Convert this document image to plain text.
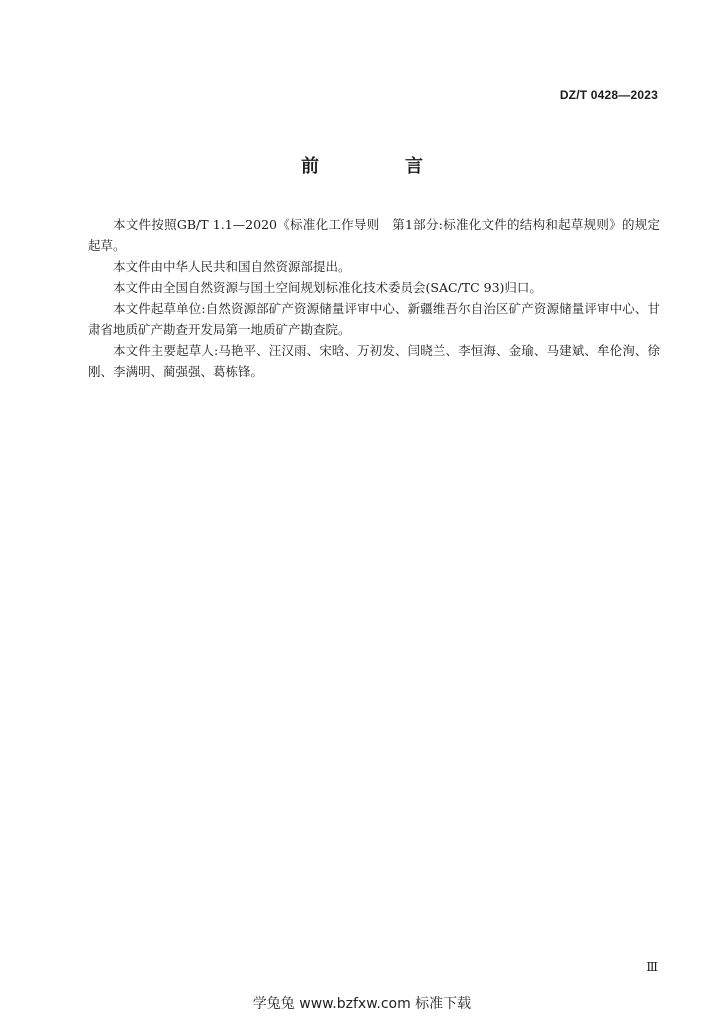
DZ/T 0428—2023
前　言

本文件按照GB/T 1.1—2020《标准化工作导则　第1部分:标准化文件的结构和起草规则》的规定起草。

本文件由中华人民共和国自然资源部提出。

本文件由全国自然资源与国土空间规划标准化技术委员会(SAC/TC 93)归口。

本文件起草单位:自然资源部矿产资源储量评审中心、新疆维吾尔自治区矿产资源储量评审中心、甘肃省地质矿产勘查开发局第一地质矿产勘查院。

本文件主要起草人:马艳平、汪汉雨、宋晗、万初发、闫晓兰、李恒海、金瑜、马建斌、牟伦洵、徐刚、李满明、蔺强强、葛栋锋。

Ⅲ
学兔兔 www.bzfxw.com 标准下载
